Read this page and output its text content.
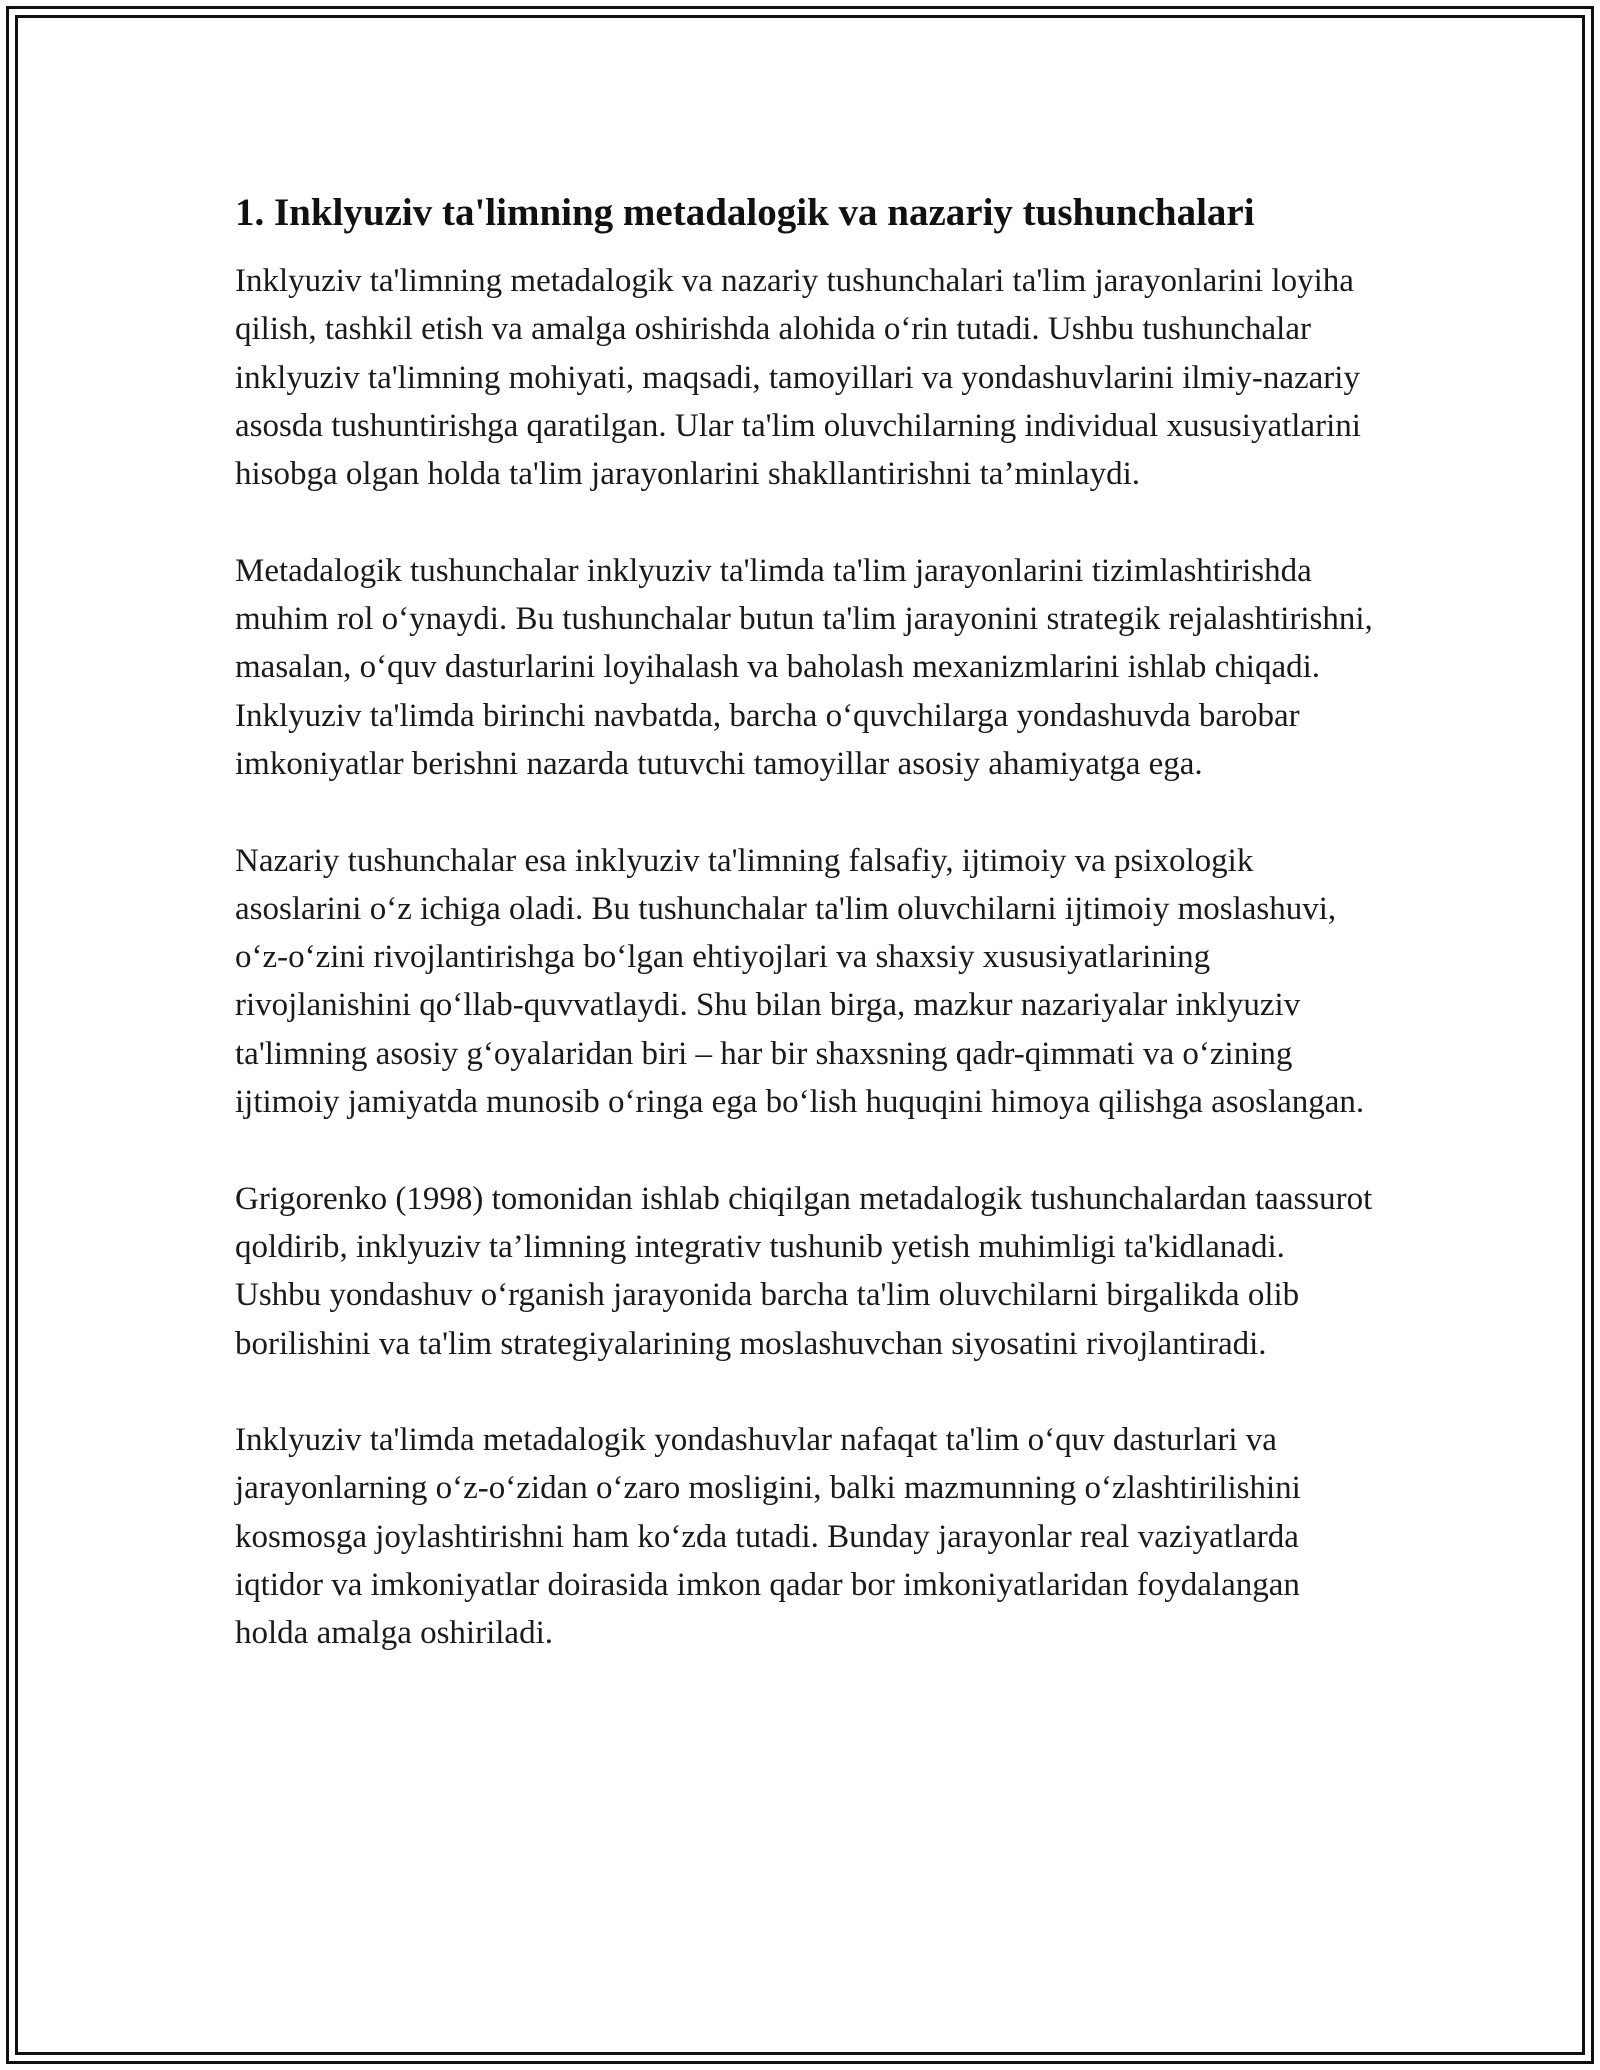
1. Inklyuziv ta'limning metadalogik va nazariy tushunchalari

Inklyuziv ta'limning metadalogik va nazariy tushunchalari ta'lim jarayonlarini loyiha qilish, tashkil etish va amalga oshirishda alohida o‘rin tutadi. Ushbu tushunchalar inklyuziv ta'limning mohiyati, maqsadi, tamoyillari va yondashuvlarini ilmiy-nazariy asosda tushuntirishga qaratilgan. Ular ta'lim oluvchilarning individual xususiyatlarini hisobga olgan holda ta'lim jarayonlarini shakllantirishni ta’minlaydi.

Metadalogik tushunchalar inklyuziv ta'limda ta'lim jarayonlarini tizimlashtirishda muhim rol o‘ynaydi. Bu tushunchalar butun ta'lim jarayonini strategik rejalashtirishni, masalan, o‘quv dasturlarini loyihalash va baholash mexanizmlarini ishlab chiqadi. Inklyuziv ta'limda birinchi navbatda, barcha o‘quvchilarga yondashuvda barobar imkoniyatlar berishni nazarda tutuvchi tamoyillar asosiy ahamiyatga ega.

Nazariy tushunchalar esa inklyuziv ta'limning falsafiy, ijtimoiy va psixologik asoslarini o‘z ichiga oladi. Bu tushunchalar ta'lim oluvchilarni ijtimoiy moslashuvi, o‘z-o‘zini rivojlantirishga bo‘lgan ehtiyojlari va shaxsiy xususiyatlarining rivojlanishini qo‘llab-quvvatlaydi. Shu bilan birga, mazkur nazariyalar inklyuziv ta'limning asosiy g‘oyalaridan biri – har bir shaxsning qadr-qimmati va o‘zining ijtimoiy jamiyatda munosib o‘ringa ega bo‘lish huquqini himoya qilishga asoslangan.

Grigorenko (1998) tomonidan ishlab chiqilgan metadalogik tushunchalardan taassurot qoldirib, inklyuziv ta’limning integrativ tushunib yetish muhimligi ta'kidlanadi. Ushbu yondashuv o‘rganish jarayonida barcha ta'lim oluvchilarni birgalikda olib borilishini va ta'lim strategiyalarining moslashuvchan siyosatini rivojlantiradi.

Inklyuziv ta'limda metadalogik yondashuvlar nafaqat ta'lim o‘quv dasturlari va jarayonlarning o‘z-o‘zidan o‘zaro mosligini, balki mazmunning o‘zlashtirilishini kosmosga joylashtirishni ham ko‘zda tutadi. Bunday jarayonlar real vaziyatlarda iqtidor va imkoniyatlar doirasida imkon qadar bor imkoniyatlaridan foydalangan holda amalga oshiriladi.
